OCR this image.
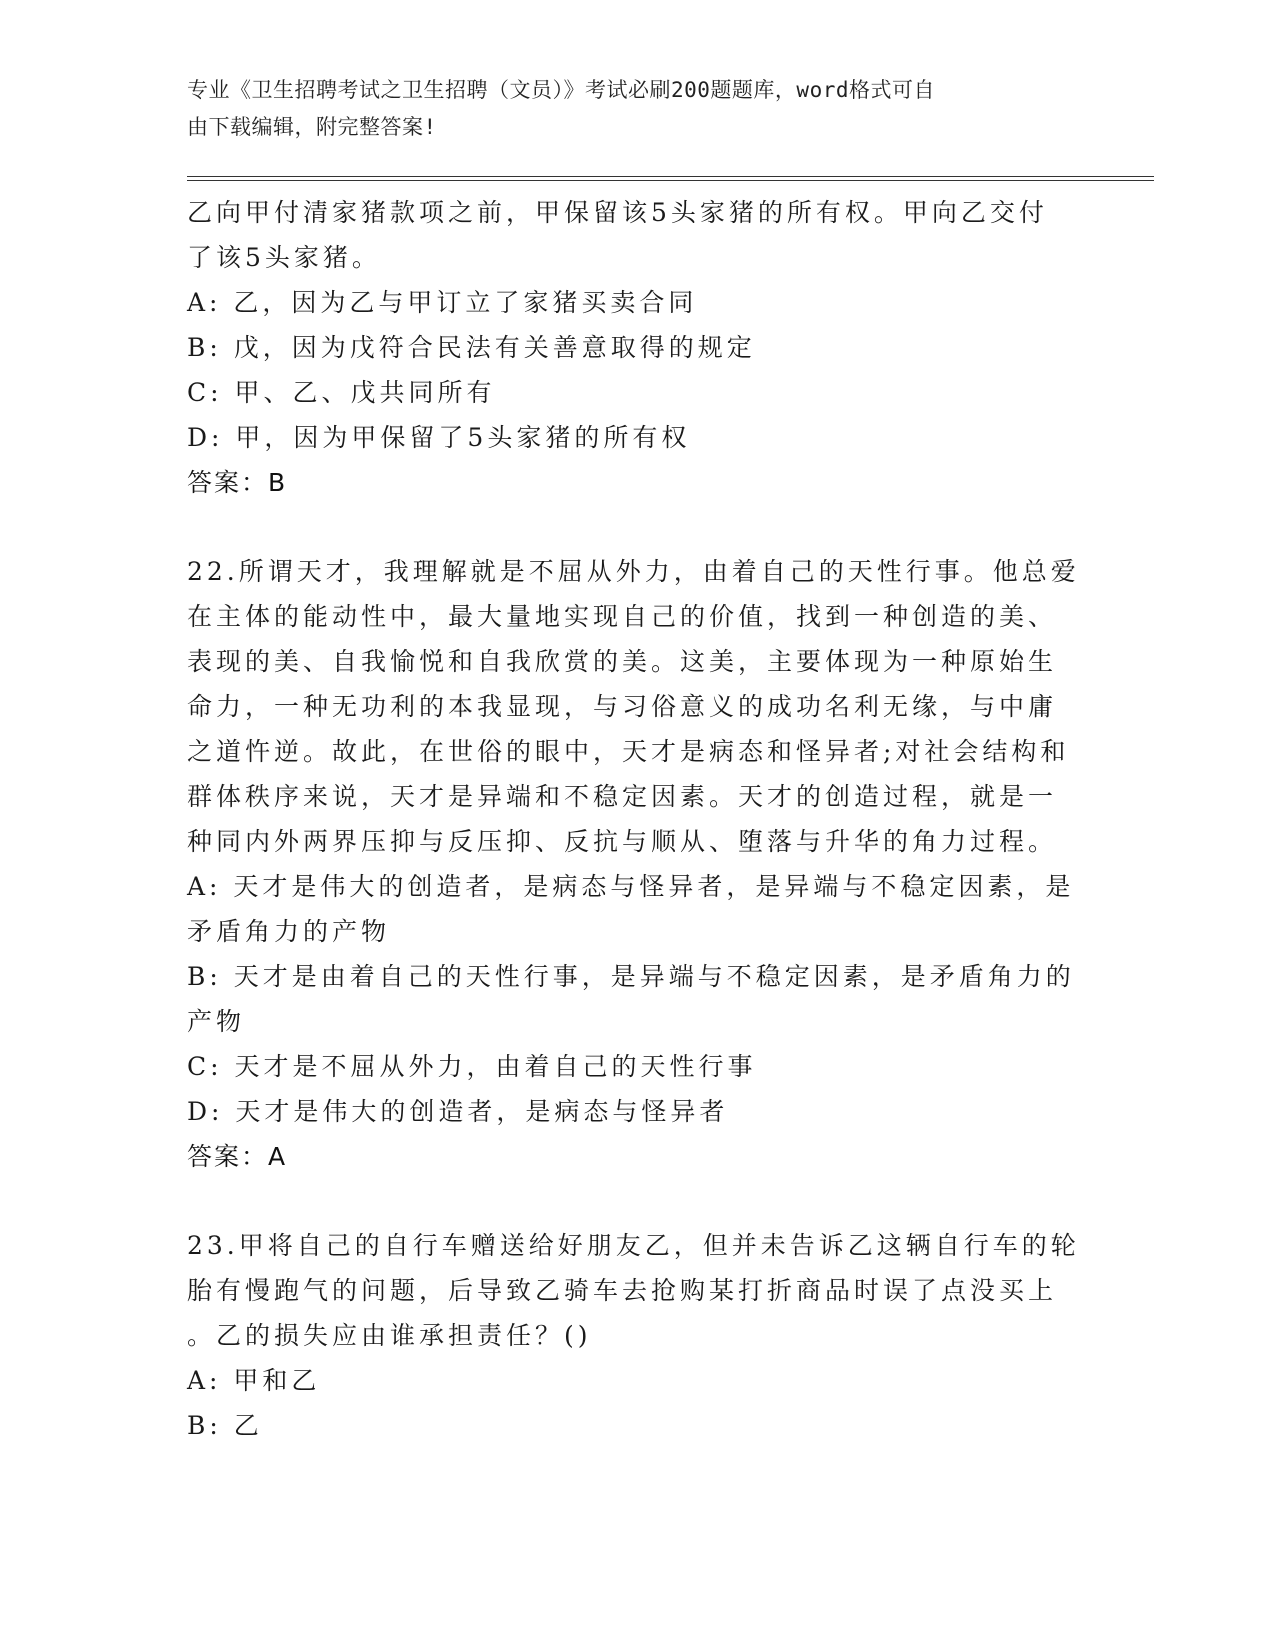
专业《卫生招聘考试之卫生招聘（文员）》考试必刷200题题库，word格式可自
由下载编辑，附完整答案!
乙向甲付清家猪款项之前，甲保留该5头家猪的所有权。甲向乙交付
了该5头家猪。
A: 乙，因为乙与甲订立了家猪买卖合同
B: 戊，因为戊符合民法有关善意取得的规定
C: 甲、乙、戊共同所有
D: 甲，因为甲保留了5头家猪的所有权
答案：B
22.所谓天才，我理解就是不屈从外力，由着自己的天性行事。他总爱
在主体的能动性中，最大量地实现自己的价值，找到一种创造的美、
表现的美、自我愉悦和自我欣赏的美。这美，主要体现为一种原始生
命力，一种无功利的本我显现，与习俗意义的成功名利无缘，与中庸
之道忤逆。故此，在世俗的眼中，天才是病态和怪异者;对社会结构和
群体秩序来说，天才是异端和不稳定因素。天才的创造过程，就是一
种同内外两界压抑与反压抑、反抗与顺从、堕落与升华的角力过程。
A: 天才是伟大的创造者，是病态与怪异者，是异端与不稳定因素，是
矛盾角力的产物
B: 天才是由着自己的天性行事，是异端与不稳定因素，是矛盾角力的
产物
C: 天才是不屈从外力，由着自己的天性行事
D: 天才是伟大的创造者，是病态与怪异者
答案：A
23.甲将自己的自行车赠送给好朋友乙，但并未告诉乙这辆自行车的轮
胎有慢跑气的问题，后导致乙骑车去抢购某打折商品时误了点没买上
。乙的损失应由谁承担责任？()
A: 甲和乙
B: 乙
